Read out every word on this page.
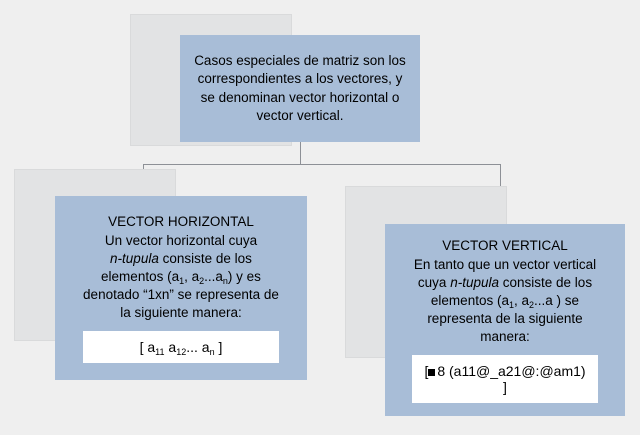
Casos especiales de matriz son los correspondientes a los vectores, y se denominan vector horizontal o vector vertical.
VECTOR HORIZONTAL
Un vector horizontal cuya
n-tupula consiste de los
elementos ($a_1$, $a_2...a_n$) y es
denotado “1xn” se representa de
la siguiente manera:
[ $a_{11}$ $a_{12}$... $a_n$ ]
VECTOR VERTICAL
En tanto que un vector vertical
cuya n-tupula consiste de los
elementos ($a_1$, $a_2...a$ ) se
representa de la siguiente
manera:
[ 8 (a11@_a21@:@am1) ]
